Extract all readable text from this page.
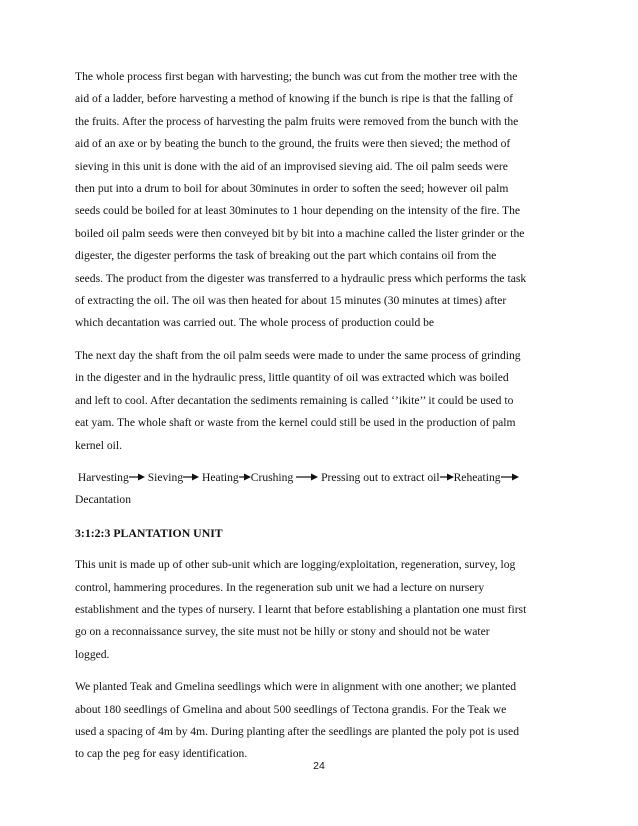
The whole process first began with harvesting; the bunch was cut from the mother tree with the
aid of a ladder, before harvesting a method of knowing if the bunch is ripe is that the falling of
the fruits. After the process of harvesting the palm fruits were removed from the bunch with the
aid of an axe or by beating the bunch to the ground, the fruits were then sieved; the method of
sieving in this unit is done with the aid of an improvised sieving aid. The oil palm seeds were
then put into a drum to boil for about 30minutes in order to soften the seed; however oil palm
seeds could be boiled for at least 30minutes to 1 hour depending on the intensity of the fire. The
boiled oil palm seeds were then conveyed bit by bit into a machine called the lister grinder or the
digester, the digester performs the task of breaking out the part which contains oil from the
seeds. The product from the digester was transferred to a hydraulic press which performs the task
of extracting the oil. The oil was then heated for about 15 minutes (30 minutes at times) after
which decantation was carried out. The whole process of production could be

The next day the shaft from the oil palm seeds were made to under the same process of grinding
in the digester and in the hydraulic press, little quantity of oil was extracted which was boiled
and left to cool. After decantation the sediments remaining is called ‘’ikite’’ it could be used to
eat yam. The whole shaft or waste from the kernel could still be used in the production of palm
kernel oil.

Harvesting Sieving Heating Crushing Pressing out to extract oil Reheating
Decantation
3:1:2:3 PLANTATION UNIT

This unit is made up of other sub-unit which are logging/exploitation, regeneration, survey, log
control, hammering procedures. In the regeneration sub unit we had a lecture on nursery
establishment and the types of nursery. I learnt that before establishing a plantation one must first
go on a reconnaissance survey, the site must not be hilly or stony and should not be water
logged.

We planted Teak and Gmelina seedlings which were in alignment with one another; we planted
about 180 seedlings of Gmelina and about 500 seedlings of Tectona grandis. For the Teak we
used a spacing of 4m by 4m. During planting after the seedlings are planted the poly pot is used
to cap the peg for easy identification.

24
